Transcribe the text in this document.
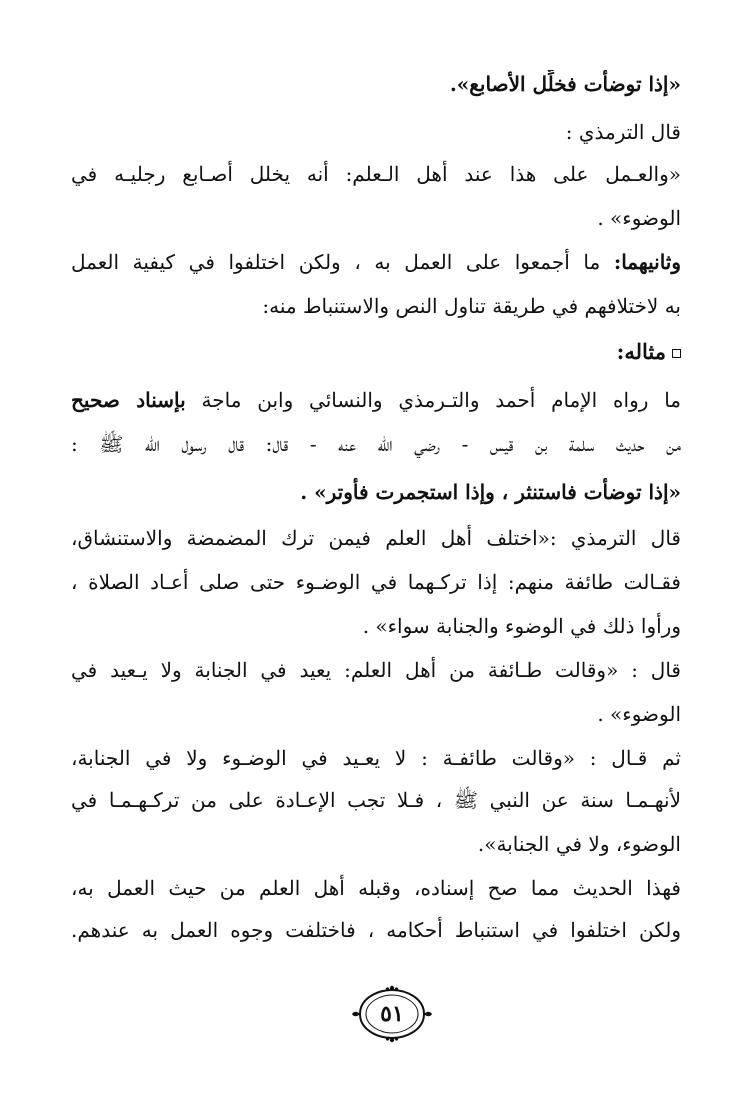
«إذا توضأت فخلِّل الأصابع».
قال الترمذي :
«والعـمل على هذا عند أهل الـعلم: أنه يخلل أصـابع رجليـه في
الوضوء» .
وثانيهما: ما أجمعوا على العمل به ، ولكن اختلفوا في كيفية العمل
به لاختلافهم في طريقة تناول النص والاستنباط منه:
مثاله:
ما رواه الإمام أحمد والتـرمذي والنسائي وابن ماجة بإسناد صحيح
من حديث سلمة بن قيس - رضي الله عنه - قال: قال رسول الله ﷺ :
«إذا توضأت فاستنثر ، وإذا استجمرت فأوتر» .
قال الترمذي :«اختلف أهل العلم فيمن ترك المضمضة والاستنشاق،
فقـالت طائفة منهم: إذا تركـهما في الوضـوء حتى صلى أعـاد الصلاة ،
ورأوا ذلك في الوضوء والجنابة سواء» .
قال : «وقالت طـائفة من أهل العلم: يعيد في الجنابة ولا يـعيد في
الوضوء» .
ثم قـال : «وقالت طائفـة : لا يعـيد في الوضـوء ولا في الجنابة،
لأنهـمـا سنة عن النبي ﷺ ، فـلا تجب الإعـادة على من تركـهـمـا في
الوضوء، ولا في الجنابة».
فهذا الحديث مما صح إسناده، وقبله أهل العلم من حيث العمل به،
ولكن اختلفوا في استنباط أحكامه ، فاختلفت وجوه العمل به عندهم.
٥١
